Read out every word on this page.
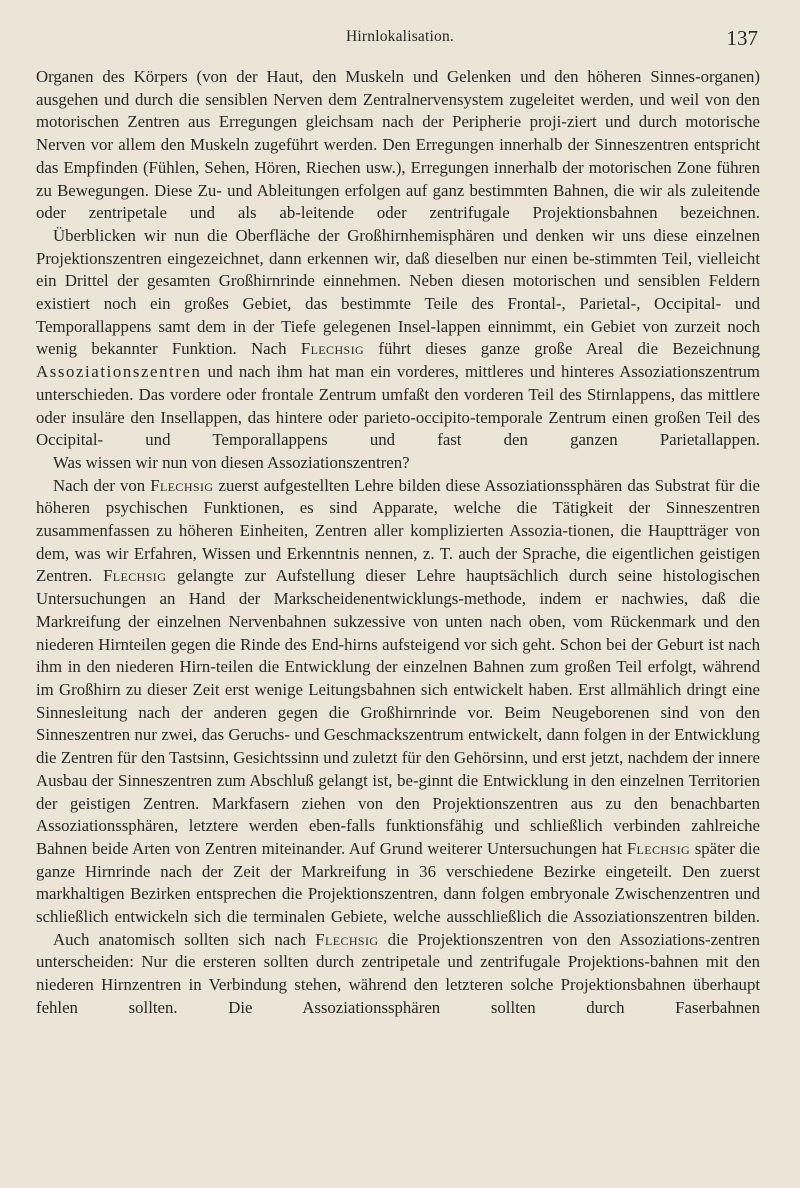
Hirnlokalisation.	137

Organen des Körpers (von der Haut, den Muskeln und Gelenken und den höheren Sinnes-organen) ausgehen und durch die sensiblen Nerven dem Zentralnervensystem zugeleitet werden, und weil von den motorischen Zentren aus Erregungen gleichsam nach der Peripherie proji-ziert und durch motorische Nerven vor allem den Muskeln zugeführt werden. Den Erregungen innerhalb der Sinneszentren entspricht das Empfinden (Fühlen, Sehen, Hören, Riechen usw.), Erregungen innerhalb der motorischen Zone führen zu Bewegungen. Diese Zu- und Ableitungen erfolgen auf ganz bestimmten Bahnen, die wir als zuleitende oder zentripetale und als ab-leitende oder zentrifugale Projektionsbahnen bezeichnen.

Überblicken wir nun die Oberfläche der Großhirnhemisphären und denken wir uns diese einzelnen Projektionszentren eingezeichnet, dann erkennen wir, daß dieselben nur einen be-stimmten Teil, vielleicht ein Drittel der gesamten Großhirnrinde einnehmen. Neben diesen motorischen und sensiblen Feldern existiert noch ein großes Gebiet, das bestimmte Teile des Frontal-, Parietal-, Occipital- und Temporallappens samt dem in der Tiefe gelegenen Insel-lappen einnimmt, ein Gebiet von zurzeit noch wenig bekannter Funktion. Nach Flechsig führt dieses ganze große Areal die Bezeichnung Assoziationszentren und nach ihm hat man ein vorderes, mittleres und hinteres Assoziationszentrum unterschieden. Das vordere oder frontale Zentrum umfaßt den vorderen Teil des Stirnlappens, das mittlere oder insuläre den Insellappen, das hintere oder parieto-occipito-temporale Zentrum einen großen Teil des Occipital- und Temporallappens und fast den ganzen Parietallappen.

Was wissen wir nun von diesen Assoziationszentren?

Nach der von Flechsig zuerst aufgestellten Lehre bilden diese Assoziationssphären das Substrat für die höheren psychischen Funktionen, es sind Apparate, welche die Tätigkeit der Sinneszentren zusammenfassen zu höheren Einheiten, Zentren aller komplizierten Assozia-tionen, die Hauptträger von dem, was wir Erfahren, Wissen und Erkenntnis nennen, z. T. auch der Sprache, die eigentlichen geistigen Zentren. Flechsig gelangte zur Aufstellung dieser Lehre hauptsächlich durch seine histologischen Untersuchungen an Hand der Markscheidenentwicklungs-methode, indem er nachwies, daß die Markreifung der einzelnen Nervenbahnen sukzessive von unten nach oben, vom Rückenmark und den niederen Hirnteilen gegen die Rinde des End-hirns aufsteigend vor sich geht. Schon bei der Geburt ist nach ihm in den niederen Hirn-teilen die Entwicklung der einzelnen Bahnen zum großen Teil erfolgt, während im Großhirn zu dieser Zeit erst wenige Leitungsbahnen sich entwickelt haben. Erst allmählich dringt eine Sinnesleitung nach der anderen gegen die Großhirnrinde vor. Beim Neugeborenen sind von den Sinneszentren nur zwei, das Geruchs- und Geschmackszentrum entwickelt, dann folgen in der Entwicklung die Zentren für den Tastsinn, Gesichtssinn und zuletzt für den Gehörsinn, und erst jetzt, nachdem der innere Ausbau der Sinneszentren zum Abschluß gelangt ist, be-ginnt die Entwicklung in den einzelnen Territorien der geistigen Zentren. Markfasern ziehen von den Projektionszentren aus zu den benachbarten Assoziationssphären, letztere werden eben-falls funktionsfähig und schließlich verbinden zahlreiche Bahnen beide Arten von Zentren miteinander. Auf Grund weiterer Untersuchungen hat Flechsig später die ganze Hirnrinde nach der Zeit der Markreifung in 36 verschiedene Bezirke eingeteilt. Den zuerst markhaltigen Bezirken entsprechen die Projektionszentren, dann folgen embryonale Zwischenzentren und schließlich entwickeln sich die terminalen Gebiete, welche ausschließlich die Assoziationszentren bilden.

Auch anatomisch sollten sich nach Flechsig die Projektionszentren von den Assoziations-zentren unterscheiden: Nur die ersteren sollten durch zentripetale und zentrifugale Projektions-bahnen mit den niederen Hirnzentren in Verbindung stehen, während den letzteren solche Projektionsbahnen überhaupt fehlen sollten. Die Assoziationssphären sollten durch Faserbahnen
